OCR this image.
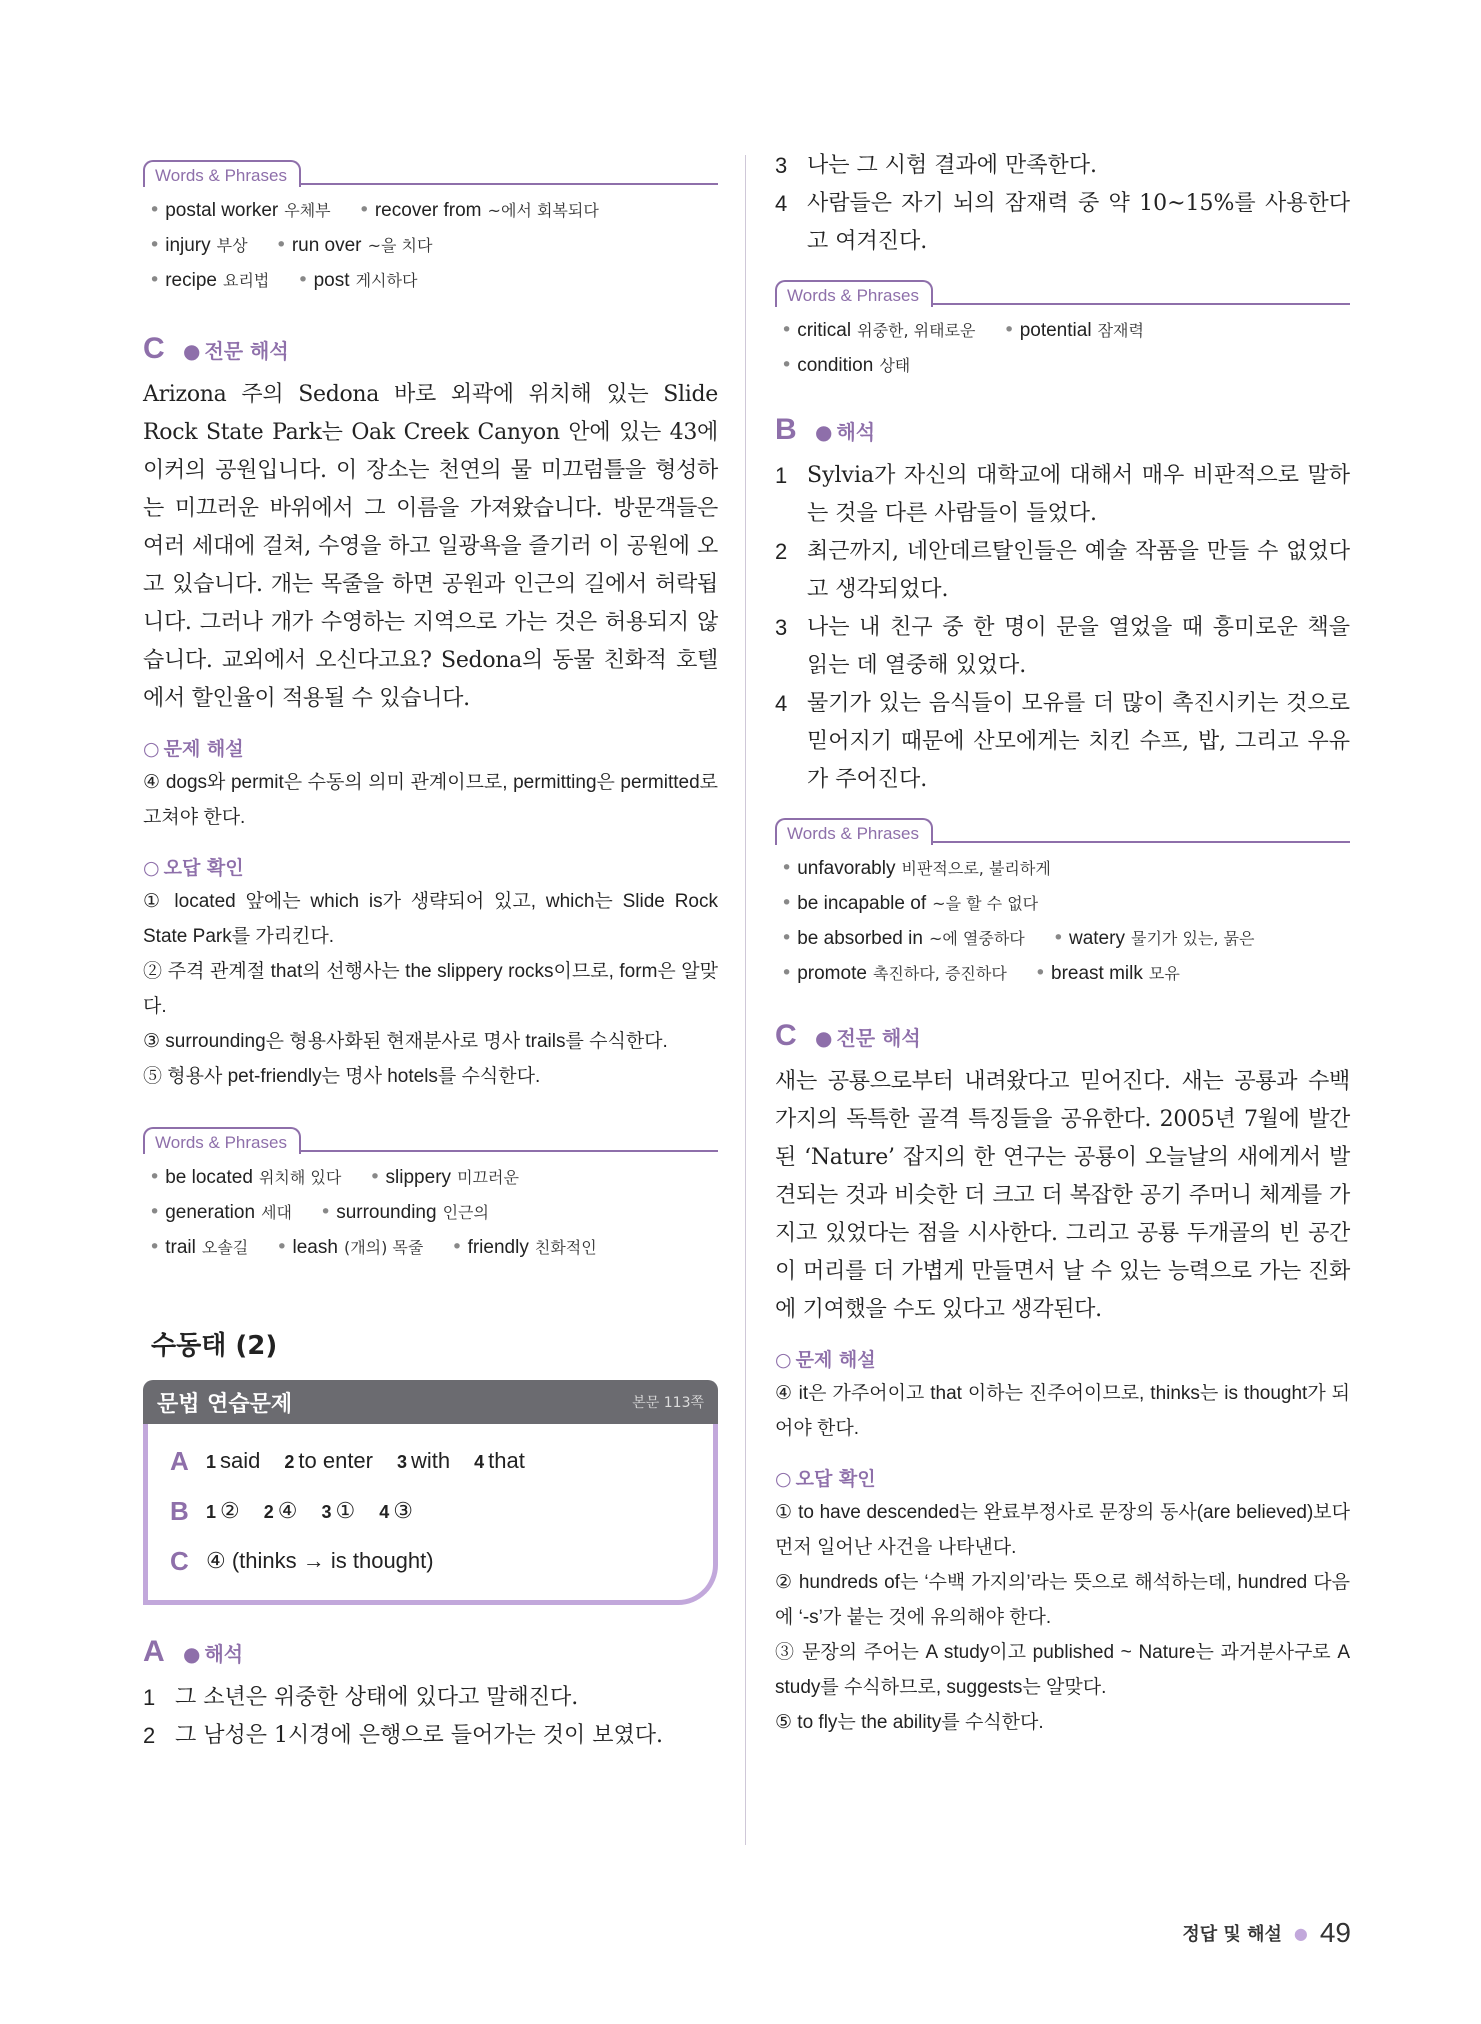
Words & Phrases
• postal worker 우체부 • recover from ~에서 회복되다
• injury 부상 • run over ~을 치다
• recipe 요리법 • post 게시하다
C ● 전문 해석
Arizona 주의 Sedona 바로 외곽에 위치해 있는 Slide Rock State Park는 Oak Creek Canyon 안에 있는 43에이커의 공원입니다. 이 장소는 천연의 물 미끄럼틀을 형성하는 미끄러운 바위에서 그 이름을 가져왔습니다. 방문객들은 여러 세대에 걸쳐, 수영을 하고 일광욕을 즐기러 이 공원에 오고 있습니다. 개는 목줄을 하면 공원과 인근의 길에서 허락됩니다. 그러나 개가 수영하는 지역으로 가는 것은 허용되지 않습니다. 교외에서 오신다고요? Sedona의 동물 친화적 호텔에서 할인율이 적용될 수 있습니다.
○ 문제 해설
④ dogs와 permit은 수동의 의미 관계이므로, permitting은 permitted로 고쳐야 한다.
○ 오답 확인
① located 앞에는 which is가 생략되어 있고, which는 Slide Rock State Park를 가리킨다.
② 주격 관계절 that의 선행사는 the slippery rocks이므로, form은 알맞다.
③ surrounding은 형용사화된 현재분사로 명사 trails를 수식한다.
⑤ 형용사 pet-friendly는 명사 hotels를 수식한다.
Words & Phrases
• be located 위치해 있다 • slippery 미끄러운
• generation 세대 • surrounding 인근의
• trail 오솔길 • leash (개의) 목줄 • friendly 친화적인
수동태 (2)
문법 연습문제	본문 113쪽
A 1 said 2 to enter 3 with 4 that
B 1 ② 2 ④ 3 ① 4 ③
C ④ (thinks → is thought)
A ● 해석
1 그 소년은 위중한 상태에 있다고 말해진다.
2 그 남성은 1시경에 은행으로 들어가는 것이 보였다.
3 나는 그 시험 결과에 만족한다.
4 사람들은 자기 뇌의 잠재력 중 약 10~15%를 사용한다고 여겨진다.
Words & Phrases
• critical 위중한, 위태로운 • potential 잠재력
• condition 상태
B ● 해석
1 Sylvia가 자신의 대학교에 대해서 매우 비판적으로 말하는 것을 다른 사람들이 들었다.
2 최근까지, 네안데르탈인들은 예술 작품을 만들 수 없었다고 생각되었다.
3 나는 내 친구 중 한 명이 문을 열었을 때 흥미로운 책을 읽는 데 열중해 있었다.
4 물기가 있는 음식들이 모유를 더 많이 촉진시키는 것으로 믿어지기 때문에 산모에게는 치킨 수프, 밥, 그리고 우유가 주어진다.
Words & Phrases
• unfavorably 비판적으로, 불리하게
• be incapable of ~을 할 수 없다
• be absorbed in ~에 열중하다 • watery 물기가 있는, 묽은
• promote 촉진하다, 증진하다 • breast milk 모유
C ● 전문 해석
새는 공룡으로부터 내려왔다고 믿어진다. 새는 공룡과 수백 가지의 독특한 골격 특징들을 공유한다. 2005년 7월에 발간된 ‘Nature’ 잡지의 한 연구는 공룡이 오늘날의 새에게서 발견되는 것과 비슷한 더 크고 더 복잡한 공기 주머니 체계를 가지고 있었다는 점을 시사한다. 그리고 공룡 두개골의 빈 공간이 머리를 더 가볍게 만들면서 날 수 있는 능력으로 가는 진화에 기여했을 수도 있다고 생각된다.
○ 문제 해설
④ it은 가주어이고 that 이하는 진주어이므로, thinks는 is thought가 되어야 한다.
○ 오답 확인
① to have descended는 완료부정사로 문장의 동사(are believed)보다 먼저 일어난 사건을 나타낸다.
② hundreds of는 ‘수백 가지의’라는 뜻으로 해석하는데, hundred 다음에 ‘-s’가 붙는 것에 유의해야 한다.
③ 문장의 주어는 A study이고 published ~ Nature는 과거분사구로 A study를 수식하므로, suggests는 알맞다.
⑤ to fly는 the ability를 수식한다.
정답 및 해설 ● 49
